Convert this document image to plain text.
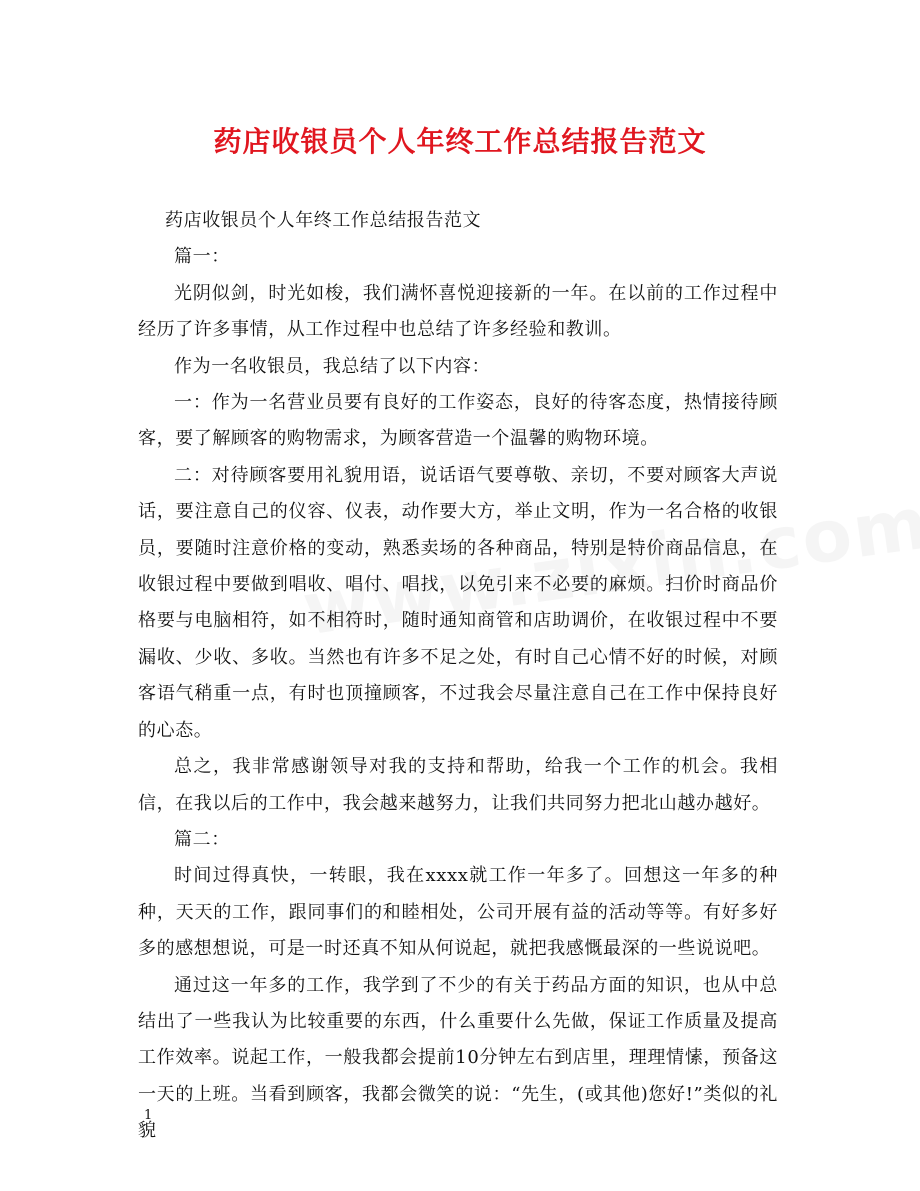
药店收银员个人年终工作总结报告范文

药店收银员个人年终工作总结报告范文

篇一：

光阴似剑，时光如梭，我们满怀喜悦迎接新的一年。在以前的工作过程中经历了许多事情，从工作过程中也总结了许多经验和教训。

作为一名收银员，我总结了以下内容：

一：作为一名营业员要有良好的工作姿态，良好的待客态度，热情接待顾客，要了解顾客的购物需求，为顾客营造一个温馨的购物环境。

二：对待顾客要用礼貌用语，说话语气要尊敬、亲切，不要对顾客大声说话，要注意自己的仪容、仪表，动作要大方，举止文明，作为一名合格的收银员，要随时注意价格的变动，熟悉卖场的各种商品，特别是特价商品信息，在收银过程中要做到唱收、唱付、唱找，以免引来不必要的麻烦。扫价时商品价格要与电脑相符，如不相符时，随时通知商管和店助调价，在收银过程中不要漏收、少收、多收。当然也有许多不足之处，有时自己心情不好的时候，对顾客语气稍重一点，有时也顶撞顾客，不过我会尽量注意自己在工作中保持良好的心态。

总之，我非常感谢领导对我的支持和帮助，给我一个工作的机会。我相信，在我以后的工作中，我会越来越努力，让我们共同努力把北山越办越好。

篇二：

时间过得真快，一转眼，我在xxxx就工作一年多了。回想这一年多的种种，天天的工作，跟同事们的和睦相处，公司开展有益的活动等等。有好多好多的感想想说，可是一时还真不知从何说起，就把我感慨最深的一些说说吧。

通过这一年多的工作，我学到了不少的有关于药品方面的知识，也从中总结出了一些我认为比较重要的东西，什么重要什么先做，保证工作质量及提高工作效率。说起工作，一般我都会提前10分钟左右到店里，理理情愫，预备这一天的上班。当看到顾客，我都会微笑的说：“先生，(或其他)您好!”类似的礼貌

1
